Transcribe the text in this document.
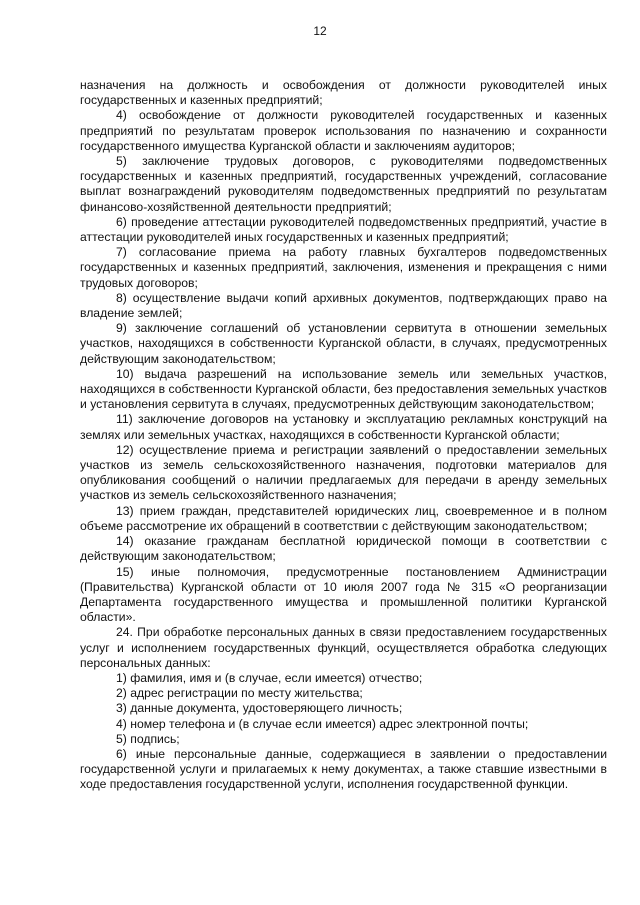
12

назначения на должность и освобождения от должности руководителей иных государственных и казенных предприятий;

4) освобождение от должности руководителей государственных и казенных предприятий по результатам проверок использования по назначению и сохранности государственного имущества Курганской области и заключениям аудиторов;

5) заключение трудовых договоров, с руководителями подведомственных государственных и казенных предприятий, государственных учреждений, согласование выплат вознаграждений руководителям подведомственных предприятий по результатам финансово-хозяйственной деятельности предприятий;

6) проведение аттестации руководителей подведомственных предприятий, участие в аттестации руководителей иных государственных и казенных предприятий;

7) согласование приема на работу главных бухгалтеров подведомственных государственных и казенных предприятий, заключения, изменения и прекращения с ними трудовых договоров;

8) осуществление выдачи копий архивных документов, подтверждающих право на владение землей;

9) заключение соглашений об установлении сервитута в отношении земельных участков, находящихся в собственности Курганской области, в случаях, предусмотренных действующим законодательством;

10) выдача разрешений на использование земель или земельных участков, находящихся в собственности Курганской области, без предоставления земельных участков и установления сервитута в случаях, предусмотренных действующим законодательством;

11) заключение договоров на установку и эксплуатацию рекламных конструкций на землях или земельных участках, находящихся в собственности Курганской области;

12) осуществление приема и регистрации заявлений о предоставлении земельных участков из земель сельскохозяйственного назначения, подготовки материалов для опубликования сообщений о наличии предлагаемых для передачи в аренду земельных участков из земель сельскохозяйственного назначения;

13) прием граждан, представителей юридических лиц, своевременное и в полном объеме рассмотрение их обращений в соответствии с действующим законодательством;

14) оказание гражданам бесплатной юридической помощи в соответствии с действующим законодательством;

15) иные полномочия, предусмотренные постановлением Администрации (Правительства) Курганской области от 10 июля 2007 года № 315 «О реорганизации Департамента государственного имущества и промышленной политики Курганской области».

24. При обработке персональных данных в связи предоставлением государственных услуг и исполнением государственных функций, осуществляется обработка следующих персональных данных:

1) фамилия, имя и (в случае, если имеется) отчество;

2) адрес регистрации по месту жительства;

3) данные документа, удостоверяющего личность;

4) номер телефона и (в случае если имеется) адрес электронной почты;

5) подпись;

6) иные персональные данные, содержащиеся в заявлении о предоставлении государственной услуги и прилагаемых к нему документах, а также ставшие известными в ходе предоставления государственной услуги, исполнения государственной функции.
